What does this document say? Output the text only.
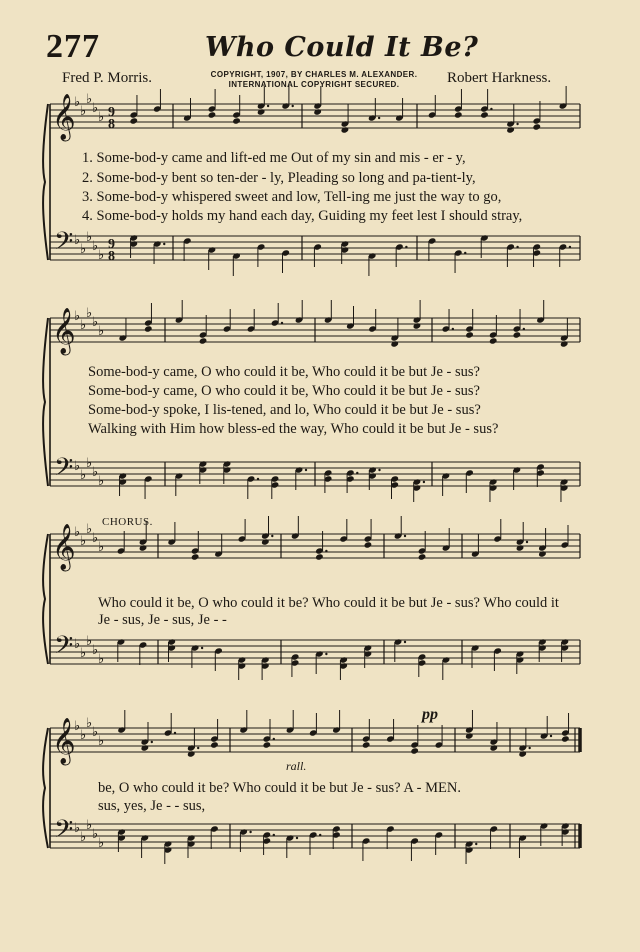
277	Who Could It Be?
Fred P. Morris.	COPYRIGHT, 1907, BY CHARLES M. ALEXANDER.
INTERNATIONAL COPYRIGHT SECURED.	Robert Harkness.
𝄞
𝄢
♭
♭
♭
♭
♭
♭
♭
♭
♭
♭
9
8
9
8
𝄞
𝄢
♭
♭
♭
♭
♭
♭
♭
♭
♭
♭
𝄞
𝄢
♭
♭
♭
♭
♭
♭
♭
♭
♭
♭
𝄞
𝄢
♭
♭
♭
♭
♭
♭
♭
♭
♭
♭
1. Some-bod-y came and lift-ed me Out of my sin and mis - er - y,
2. Some-bod-y bent so ten-der - ly, Pleading so long and pa-tient-ly,
3. Some-bod-y whispered sweet and low, Tell-ing me just the way to go,
4. Some-bod-y holds my hand each day, Guiding my feet lest I should stray,
Some-bod-y came, O who could it be, Who could it be but Je - sus?
Some-bod-y came, O who could it be, Who could it be but Je - sus?
Some-bod-y spoke, I lis-tened, and lo, Who could it be but Je - sus?
Walking with Him how bless-ed the way, Who could it be but Je - sus?
CHORUS.
Who could it be, O who could it be? Who could it be but Je - sus? Who could it
Je - sus, Je - sus, Je - -
pp
rall.
be, O who could it be? Who could it be but Je - sus? A - MEN.
sus, yes, Je - - sus,
